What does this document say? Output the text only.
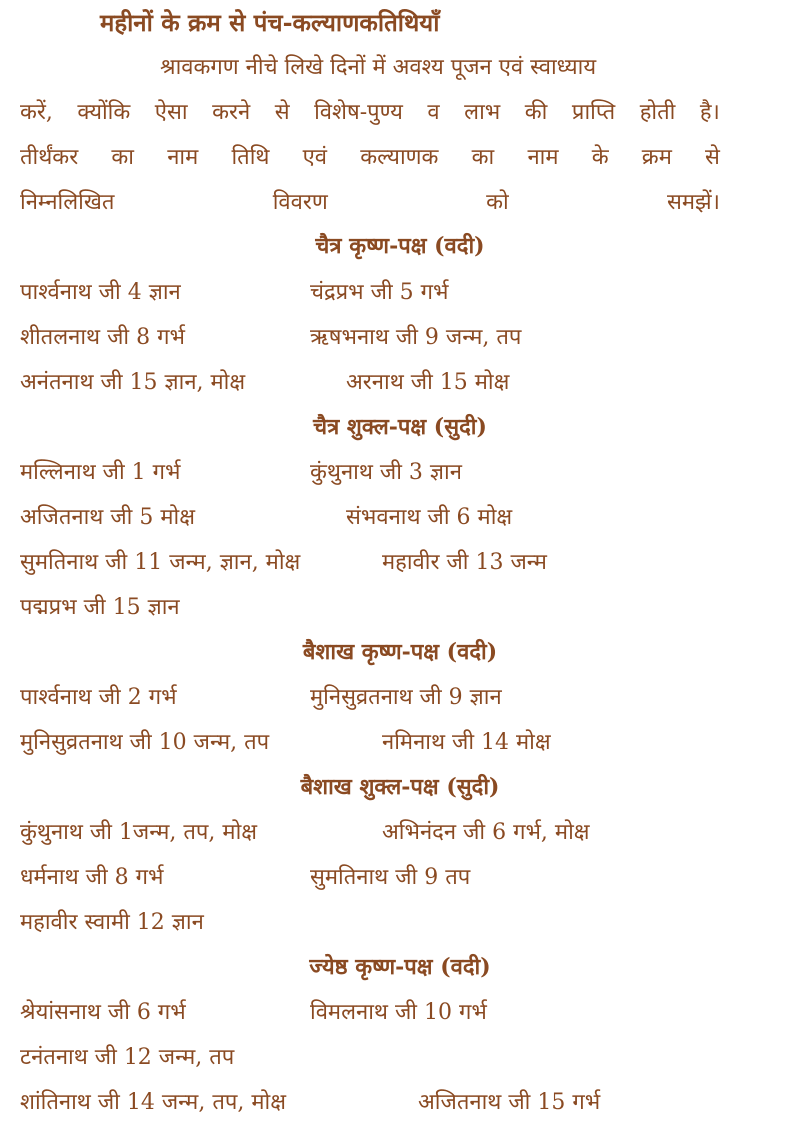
महीनों के क्रम से पंच-कल्याणकतिथियाँ
श्रावकगण नीचे लिखे दिनों में अवश्य पूजन एवं स्वाध्याय
करें, क्योंकि ऐसा करने से विशेष-पुण्य व लाभ की प्राप्ति होती है।
तीर्थंकर का नाम तिथि एवं कल्याणक का नाम के क्रम से
निम्नलिखित	विवरण	को	समझें।
चैत्र कृष्ण-पक्ष (वदी)
पार्श्वनाथ जी 4 ज्ञान	चंद्रप्रभ जी 5 गर्भ
शीतलनाथ जी 8 गर्भ	ऋषभनाथ जी 9 जन्म, तप
अनंतनाथ जी 15 ज्ञान, मोक्ष	अरनाथ जी 15 मोक्ष
चैत्र शुक्ल-पक्ष (सुदी)
मल्लिनाथ जी 1 गर्भ	कुंथुनाथ जी 3 ज्ञान
अजितनाथ जी 5 मोक्ष	संभवनाथ जी 6 मोक्ष
सुमतिनाथ जी 11 जन्म, ज्ञान, मोक्ष	महावीर जी 13 जन्म
पद्मप्रभ जी 15 ज्ञान
बैशाख कृष्ण-पक्ष (वदी)
पार्श्वनाथ जी 2 गर्भ	मुनिसुव्रतनाथ जी 9 ज्ञान
मुनिसुव्रतनाथ जी 10 जन्म, तप	नमिनाथ जी 14 मोक्ष
बैशाख शुक्ल-पक्ष (सुदी)
कुंथुनाथ जी 1जन्म, तप, मोक्ष	अभिनंदन जी 6 गर्भ, मोक्ष
धर्मनाथ जी 8 गर्भ	सुमतिनाथ जी 9 तप
महावीर स्वामी 12 ज्ञान
ज्येष्ठ कृष्ण-पक्ष (वदी)
श्रेयांसनाथ जी 6 गर्भ	विमलनाथ जी 10 गर्भ
टनंतनाथ जी 12 जन्म, तप
शांतिनाथ जी 14 जन्म, तप, मोक्ष	अजितनाथ जी 15 गर्भ
